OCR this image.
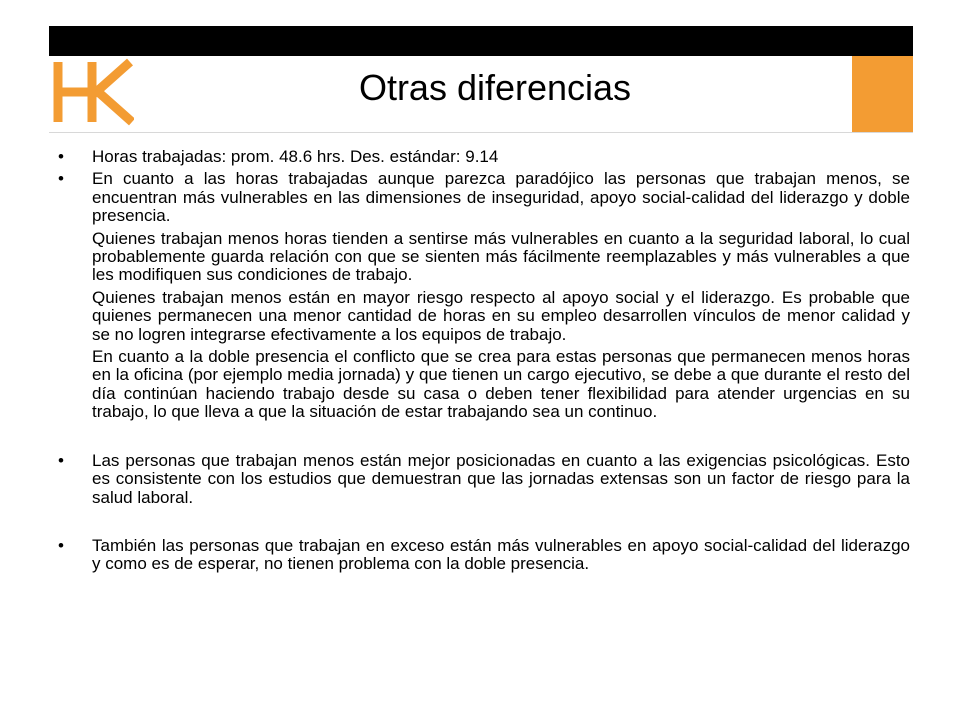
Otras diferencias
• Horas trabajadas: prom. 48.6 hrs. Des. estándar: 9.14

• En cuanto a las horas trabajadas aunque parezca paradójico las personas que trabajan menos, se encuentran más vulnerables en las dimensiones de inseguridad, apoyo social-calidad del liderazgo y doble presencia.

Quienes trabajan menos horas tienden a sentirse más vulnerables en cuanto a la seguridad laboral, lo cual probablemente guarda relación con que se sienten más fácilmente reemplazables y más vulnerables a que les modifiquen sus condiciones de trabajo.

Quienes trabajan menos están en mayor riesgo respecto al apoyo social y el liderazgo. Es probable que quienes permanecen una menor cantidad de horas en su empleo desarrollen vínculos de menor calidad y se no logren integrarse efectivamente a los equipos de trabajo.

En cuanto a la doble presencia el conflicto que se crea para estas personas que permanecen menos horas en la oficina (por ejemplo media jornada) y que tienen un cargo ejecutivo, se debe a que durante el resto del día continúan haciendo trabajo desde su casa o deben tener flexibilidad para atender urgencias en su trabajo, lo que lleva a que la situación de estar trabajando sea un continuo.

• Las personas que trabajan menos están mejor posicionadas en cuanto a las exigencias psicológicas. Esto es consistente con los estudios que demuestran que las jornadas extensas son un factor de riesgo para la salud laboral.

• También las personas que trabajan en exceso están más vulnerables en apoyo social-calidad del liderazgo y como es de esperar, no tienen problema con la doble presencia.
